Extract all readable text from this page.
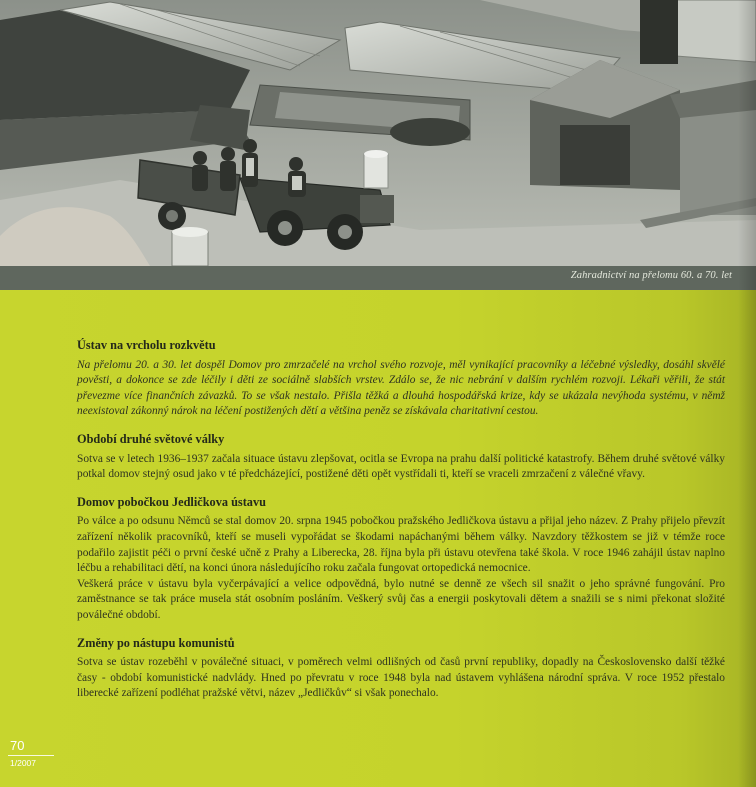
Zahradnictví na přelomu 60. a 70. let
Ústav na vrcholu rozkvětu

Na přelomu 20. a 30. let dospěl Domov pro zmrzačelé na vrchol svého rozvoje, měl vynikající pracovníky a léčebné výsledky, dosáhl skvělé pověsti, a dokonce se zde léčily i děti ze sociálně slabších vrstev. Zdálo se, že nic nebrání v dalším rychlém rozvoji. Lékaři věřili, že stát převezme více finančních závazků. To se však nestalo. Přišla těžká a dlouhá hospodářská krize, kdy se ukázala nevýhoda systému, v němž neexistoval zákonný nárok na léčení postižených dětí a většina peněz se získávala charitativní cestou.

Období druhé světové války

Sotva se v letech 1936–1937 začala situace ústavu zlepšovat, ocitla se Evropa na prahu další politické katastrofy. Během druhé světové války potkal domov stejný osud jako v té předcházející, postižené děti opět vystřídali ti, kteří se vraceli zmrzačení z válečné vřavy.

Domov pobočkou Jedličkova ústavu

Po válce a po odsunu Němců se stal domov 20. srpna 1945 pobočkou pražského Jedličkova ústavu a přijal jeho název. Z Prahy přijelo převzít zařízení několik pracovníků, kteří se museli vypořádat se škodami napáchanými během války. Navzdory těžkostem se již v témže roce podařilo zajistit péči o první české učně z Prahy a Liberecka, 28. října byla při ústavu otevřena také škola. V roce 1946 zahájil ústav naplno léčbu a rehabilitaci dětí, na konci února následujícího roku začala fungovat ortopedická nemocnice.

Veškerá práce v ústavu byla vyčerpávající a velice odpovědná, bylo nutné se denně ze všech sil snažit o jeho správné fungování. Pro zaměstnance se tak práce musela stát osobním posláním. Veškerý svůj čas a energii poskytovali dětem a snažili se s nimi překonat složité poválečné období.

Změny po nástupu komunistů

Sotva se ústav rozeběhl v poválečné situaci, v poměrech velmi odlišných od časů první republiky, dopadly na Československo další těžké časy - období komunistické nadvlády. Hned po převratu v roce 1948 byla nad ústavem vyhlášena národní správa. V roce 1952 přestalo liberecké zařízení podléhat pražské větvi, název „Jedličkův“ si však ponechalo.

70
1/2007
